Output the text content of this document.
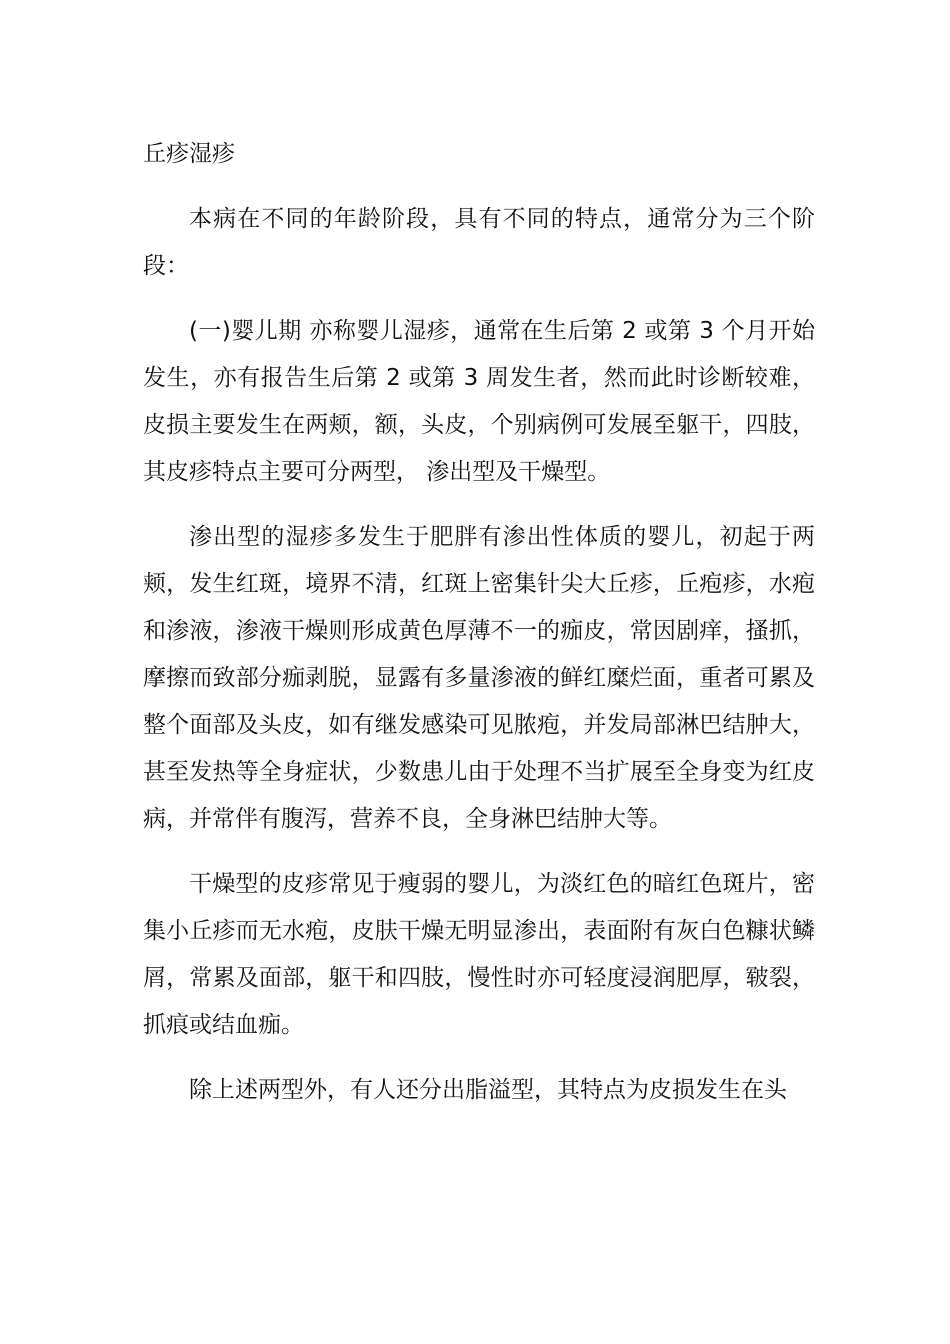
丘疹湿疹

本病在不同的年龄阶段，具有不同的特点，通常分为三个阶段：

(一)婴儿期 亦称婴儿湿疹，通常在生后第 2 或第 3 个月开始发生，亦有报告生后第 2 或第 3 周发生者，然而此时诊断较难，皮损主要发生在两颊，额，头皮，个别病例可发展至躯干，四肢，其皮疹特点主要可分两型， 渗出型及干燥型。

渗出型的湿疹多发生于肥胖有渗出性体质的婴儿，初起于两颊，发生红斑，境界不清，红斑上密集针尖大丘疹，丘疱疹，水疱和渗液，渗液干燥则形成黄色厚薄不一的痂皮，常因剧痒，搔抓，摩擦而致部分痂剥脱，显露有多量渗液的鲜红糜烂面，重者可累及整个面部及头皮，如有继发感染可见脓疱，并发局部淋巴结肿大，甚至发热等全身症状，少数患儿由于处理不当扩展至全身变为红皮病，并常伴有腹泻，营养不良，全身淋巴结肿大等。

干燥型的皮疹常见于瘦弱的婴儿，为淡红色的暗红色斑片，密集小丘疹而无水疱，皮肤干燥无明显渗出，表面附有灰白色糠状鳞屑，常累及面部，躯干和四肢，慢性时亦可轻度浸润肥厚，皲裂，抓痕或结血痂。

除上述两型外，有人还分出脂溢型，其特点为皮损发生在头
